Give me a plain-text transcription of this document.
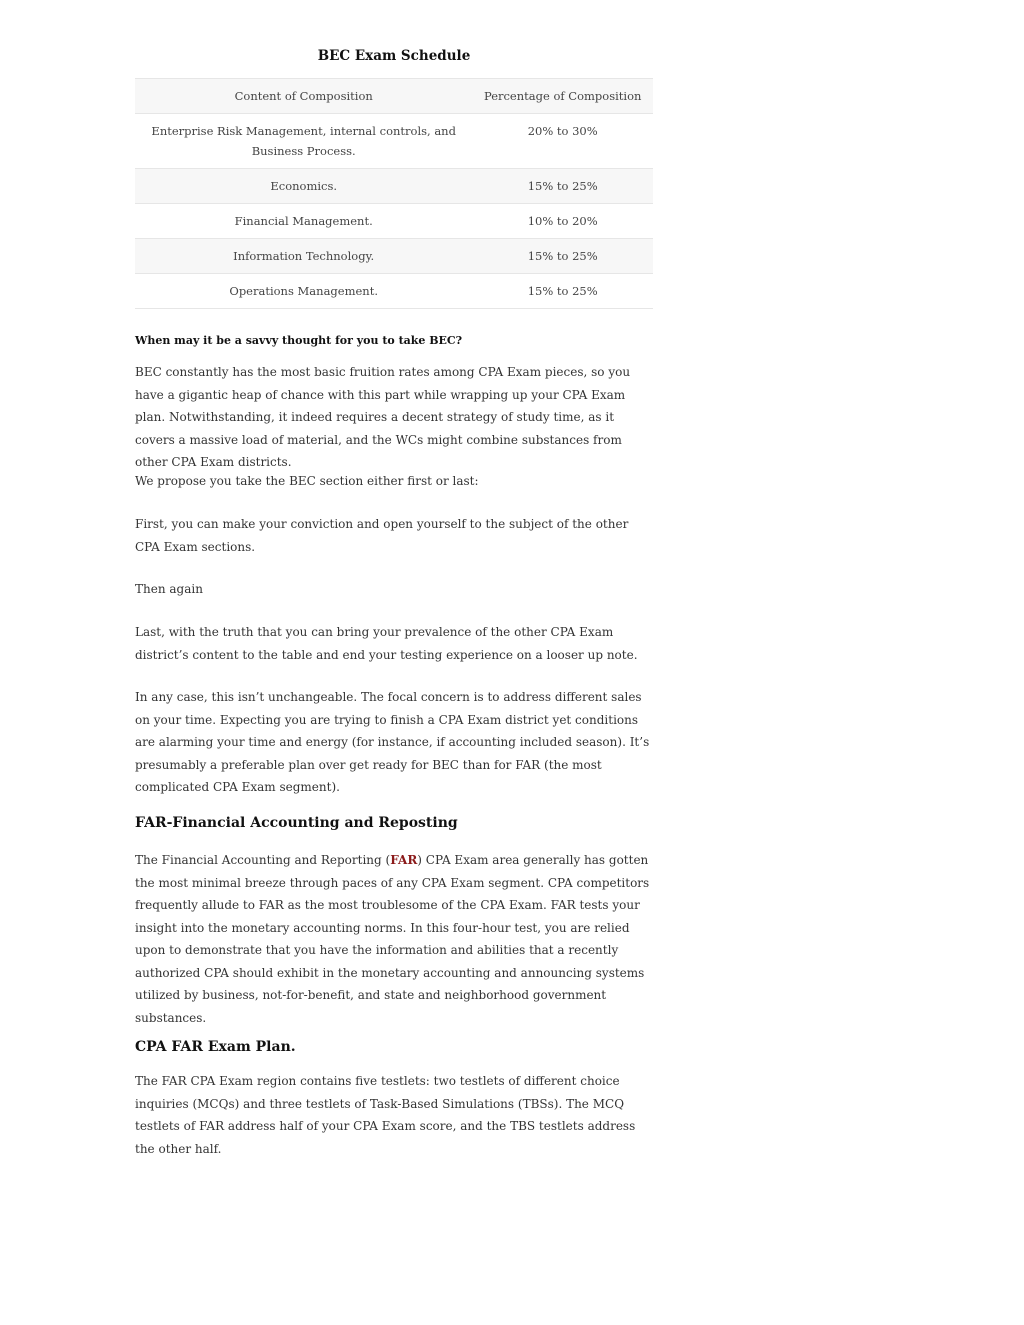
BEC Exam Schedule
Content of Composition	Percentage of Composition
Enterprise Risk Management, internal controls, and Business Process.	20% to 30%
Economics.	15% to 25%
Financial Management.	10% to 20%
Information Technology.	15% to 25%
Operations Management.	15% to 25%
When may it be a savvy thought for you to take BEC?

BEC constantly has the most basic fruition rates among CPA Exam pieces, so you have a gigantic heap of chance with this part while wrapping up your CPA Exam plan. Notwithstanding, it indeed requires a decent strategy of study time, as it covers a massive load of material, and the WCs might combine substances from other CPA Exam districts.

We propose you take the BEC section either first or last:

First, you can make your conviction and open yourself to the subject of the other CPA Exam sections.

Then again

Last, with the truth that you can bring your prevalence of the other CPA Exam district’s content to the table and end your testing experience on a looser up note.

In any case, this isn’t unchangeable. The focal concern is to address different sales on your time. Expecting you are trying to finish a CPA Exam district yet conditions are alarming your time and energy (for instance, if accounting included season). It’s presumably a preferable plan over get ready for BEC than for FAR (the most complicated CPA Exam segment).

FAR-Financial Accounting and Reposting

The Financial Accounting and Reporting (FAR) CPA Exam area generally has gotten the most minimal breeze through paces of any CPA Exam segment. CPA competitors frequently allude to FAR as the most troublesome of the CPA Exam. FAR tests your insight into the monetary accounting norms. In this four-hour test, you are relied upon to demonstrate that you have the information and abilities that a recently authorized CPA should exhibit in the monetary accounting and announcing systems utilized by business, not-for-benefit, and state and neighborhood government substances.

CPA FAR Exam Plan.

The FAR CPA Exam region contains five testlets: two testlets of different choice inquiries (MCQs) and three testlets of Task-Based Simulations (TBSs). The MCQ testlets of FAR address half of your CPA Exam score, and the TBS testlets address the other half.
